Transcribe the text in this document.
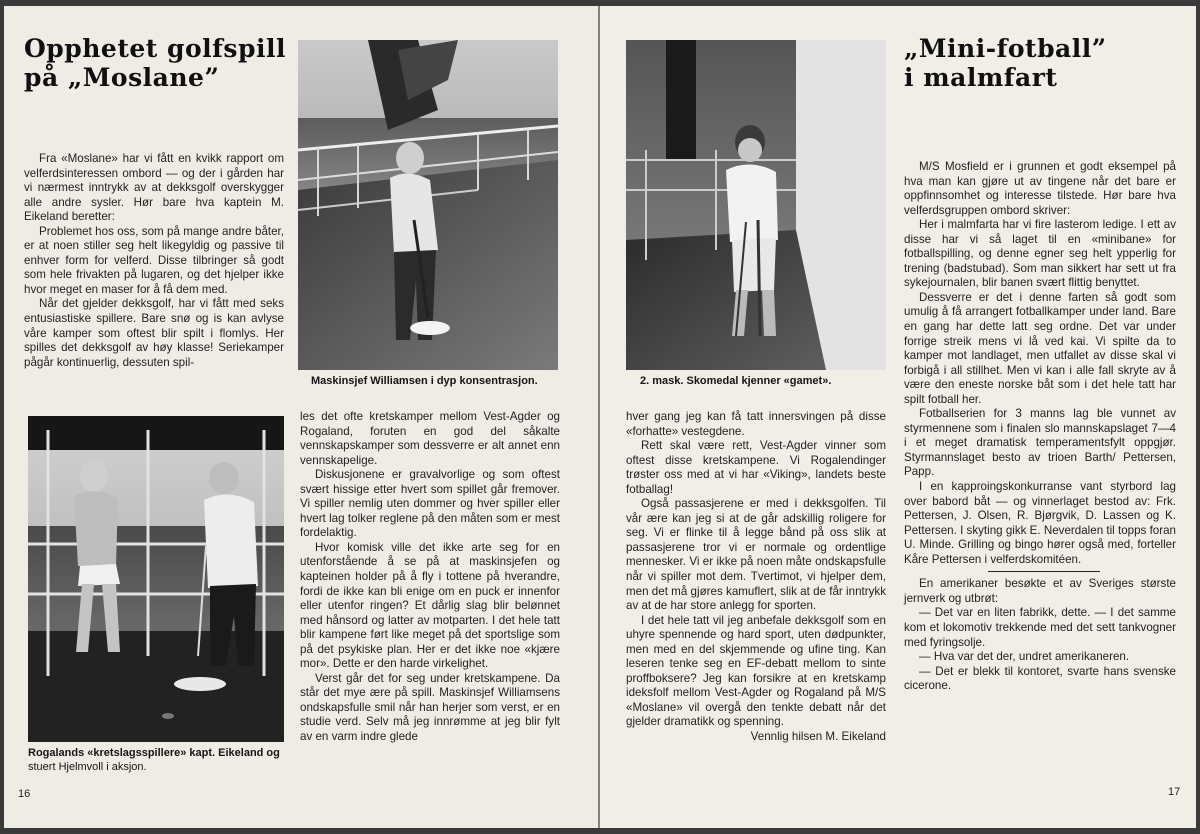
Opphetet golfspill
på „Moslane”

Fra «Moslane» har vi fått en kvikk rapport om velferdsinteressen ombord — og der i gården har vi nærmest inntrykk av at dekksgolf overskygger alle andre sysler. Hør bare hva kaptein M. Eikeland beretter:

Problemet hos oss, som på mange andre båter, er at noen stiller seg helt likegyldig og passive til enhver form for velferd. Disse tilbringer så godt som hele frivakten på lugaren, og det hjelper ikke hvor meget en maser for å få dem med.

Når det gjelder dekksgolf, har vi fått med seks entusiastiske spillere. Bare snø og is kan avlyse våre kamper som oftest blir spilt i flomlys. Her spilles det dekksgolf av høy klasse! Seriekamper pågår kontinuerlig, dessuten spil-

Maskinsjef Williamsen i dyp konsentrasjon.
Rogalands «kretslagsspillere» kapt. Eikeland og
stuert Hjelmvoll i aksjon.

les det ofte kretskamper mellom Vest-Agder og Rogaland, foruten en god del såkalte vennskapskamper som dessverre er alt annet enn vennskapelige.

Diskusjonene er gravalvorlige og som oftest svært hissige etter hvert som spillet går fremover. Vi spiller nemlig uten dommer og hver spiller eller hvert lag tolker reglene på den måten som er mest fordelaktig.

Hvor komisk ville det ikke arte seg for en utenforstående å se på at maskinsjefen og kapteinen holder på å fly i tottene på hverandre, fordi de ikke kan bli enige om en puck er innenfor eller utenfor ringen? Et dårlig slag blir belønnet med hånsord og latter av motparten. I det hele tatt blir kampene ført like meget på det sportslige som på det psykiske plan. Her er det ikke noe «kjære mor». Dette er den harde virkelighet.

Verst går det for seg under kretskampene. Da står det mye ære på spill. Maskinsjef Williamsens ondskapsfulle smil når han herjer som verst, er en studie verd. Selv må jeg innrømme at jeg blir fylt av en varm indre glede

16
2. mask. Skomedal kjenner «gamet».
„Mini-fotball”
i malmfart

hver gang jeg kan få tatt innersvingen på disse «forhatte» vestegdene.

Rett skal være rett, Vest-Agder vinner som oftest disse kretskampene. Vi Rogalendinger trøster oss med at vi har «Viking», landets beste fotballag!

Også passasjerene er med i dekksgolfen. Til vår ære kan jeg si at de går adskillig roligere for seg. Vi er flinke til å legge bånd på oss slik at passasjerene tror vi er normale og ordentlige mennesker. Vi er ikke på noen måte ondskapsfulle når vi spiller mot dem. Tvertimot, vi hjelper dem, men det må gjøres kamuflert, slik at de får inntrykk av at de har store anlegg for sporten.

I det hele tatt vil jeg anbefale dekksgolf som en uhyre spennende og hard sport, uten dødpunkter, men med en del skjemmende og ufine ting. Kan leseren tenke seg en EF-debatt mellom to sinte proffboksere? Jeg kan forsikre at en kretskamp ideksfolf mellom Vest-Agder og Rogaland på M/S «Moslane» vil overgå den tenkte debatt når det gjelder dramatikk og spenning.

Vennlig hilsen M. Eikeland

M/S Mosfield er i grunnen et godt eksempel på hva man kan gjøre ut av tingene når det bare er oppfinnsomhet og interesse tilstede. Hør bare hva velferdsgruppen ombord skriver:

Her i malmfarta har vi fire lasterom ledige. I ett av disse har vi så laget til en «minibane» for fotballspilling, og denne egner seg helt ypperlig for trening (badstubad). Som man sikkert har sett ut fra sykejournalen, blir banen svært flittig benyttet.

Dessverre er det i denne farten så godt som umulig å få arrangert fotballkamper under land. Bare en gang har dette latt seg ordne. Det var under forrige streik mens vi lå ved kai. Vi spilte da to kamper mot landlaget, men utfallet av disse skal vi forbigå i all stillhet. Men vi kan i alle fall skryte av å være den eneste norske båt som i det hele tatt har spilt fotball her.

Fotballserien for 3 manns lag ble vunnet av styrmennene som i finalen slo mannskapslaget 7—4 i et meget dramatisk temperamentsfylt oppgjør. Styrmannslaget besto av trioen Barth/ Pettersen, Papp.

I en kapproingskonkurranse vant styrbord lag over babord båt — og vinnerlaget bestod av: Frk. Pettersen, J. Olsen, R. Bjørgvik, D. Lassen og K. Pettersen. I skyting gikk E. Neverdalen til topps foran U. Minde. Grilling og bingo hører også med, forteller Kåre Pettersen i velferdskomitéen.

En amerikaner besøkte et av Sveriges største jernverk og utbrøt:

— Det var en liten fabrikk, dette. — I det samme kom et lokomotiv trekkende med det sett tankvogner med fyringsolje.

— Hva var det der, undret amerikaneren.

— Det er blekk til kontoret, svarte hans svenske cicerone.

17
